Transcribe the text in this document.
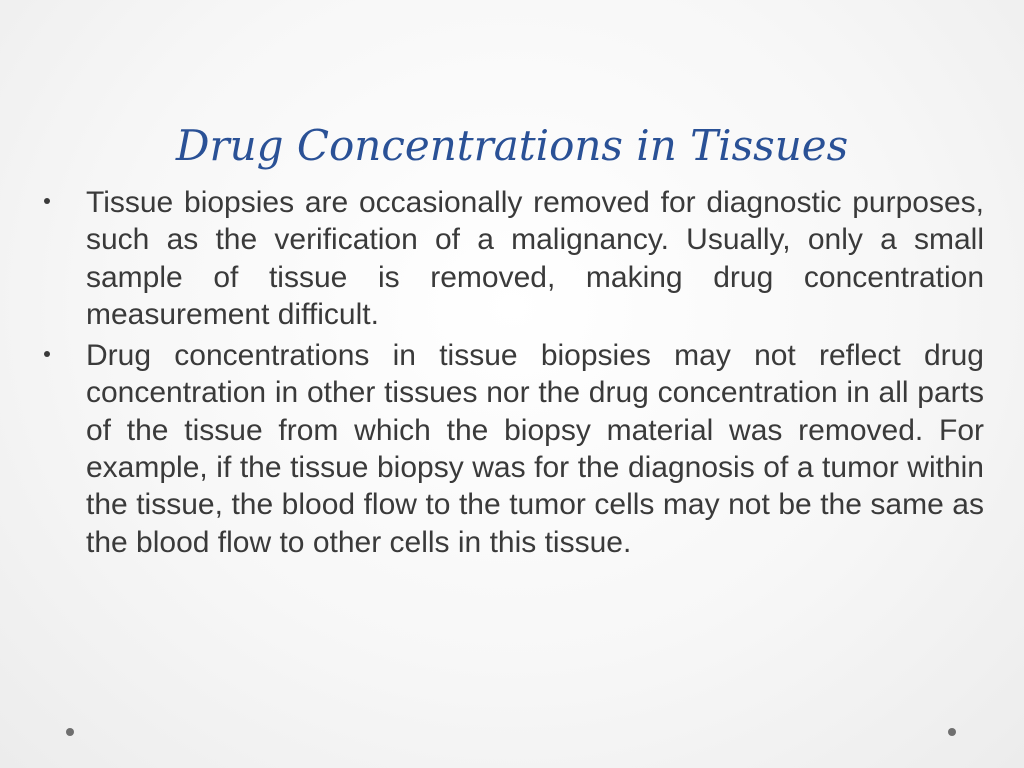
Drug Concentrations in Tissues
Tissue biopsies are occasionally removed for diagnostic purposes, such as the verification of a malignancy. Usually, only a small sample of tissue is removed, making drug concentration measurement difficult.
Drug concentrations in tissue biopsies may not reflect drug concentration in other tissues nor the drug concentration in all parts of the tissue from which the biopsy material was removed. For example, if the tissue biopsy was for the diagnosis of a tumor within the tissue, the blood flow to the tumor cells may not be the same as the blood flow to other cells in this tissue.
